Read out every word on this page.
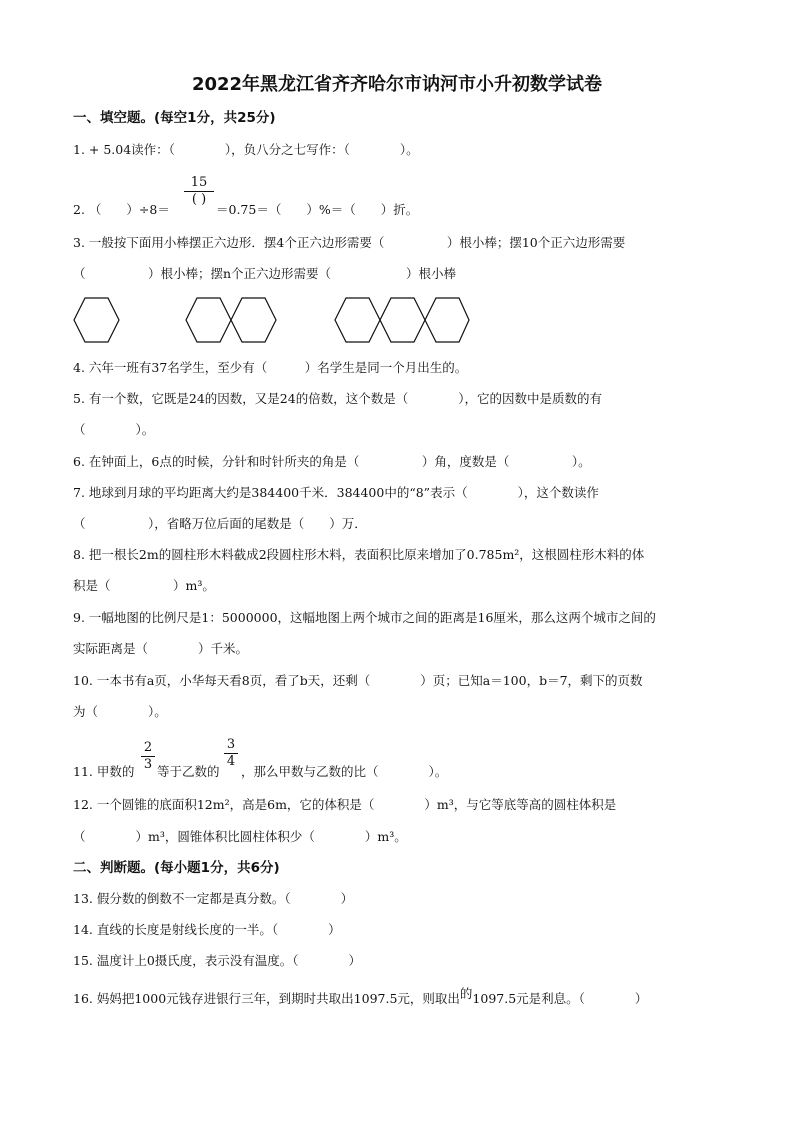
2022年黑龙江省齐齐哈尔市讷河市小升初数学试卷
一、填空题。(每空1分，共25分)
1. + 5.04读作：（　　　　），负八分之七写作：（　　　　）。
2. （　　）÷8＝
15
( )
＝0.75＝（　　）%＝（　　）折。
3. 一般按下面用小棒摆正六边形．摆4个正六边形需要（　　　　　）根小棒；摆10个正六边形需要
（　　　　　）根小棒；摆n个正六边形需要（　　　　　　）根小棒
4. 六年一班有37名学生，至少有（　　　）名学生是同一个月出生的。
5. 有一个数，它既是24的因数，又是24的倍数，这个数是（　　　　），它的因数中是质数的有
（　　　　）。
6. 在钟面上，6点的时候，分针和时针所夹的角是（　　　　　）角，度数是（　　　　　）。
7. 地球到月球的平均距离大约是384400千米．384400中的“8”表示（　　　　），这个数读作
（　　　　　），省略万位后面的尾数是（　　）万．
8. 把一根长2m的圆柱形木料截成2段圆柱形木料，表面积比原来增加了0.785m²，这根圆柱形木料的体
积是（　　　　　）m³。
9. 一幅地图的比例尺是1：5000000，这幅地图上两个城市之间的距离是16厘米，那么这两个城市之间的
实际距离是（　　　　）千米。
10. 一本书有a页，小华每天看8页，看了b天，还剩（　　　　）页；已知a＝100，b＝7，剩下的页数
为（　　　　）。
11. 甲数的
2
3 等于乙数的
3
4
，那么甲数与乙数的比（　　　　）。
12. 一个圆锥的底面积12m²，高是6m，它的体积是（　　　　）m³，与它等底等高的圆柱体积是
（　　　　）m³，圆锥体积比圆柱体积少（　　　　）m³。
二、判断题。(每小题1分，共6分)
13. 假分数的倒数不一定都是真分数。（　　　　）
14. 直线的长度是射线长度的一半。（　　　　）
15. 温度计上0摄氏度，表示没有温度。（　　　　）
16. 妈妈把1000元钱存进银行三年，到期时共取出1097.5元，则取出的1097.5元是利息。（　　　　）
